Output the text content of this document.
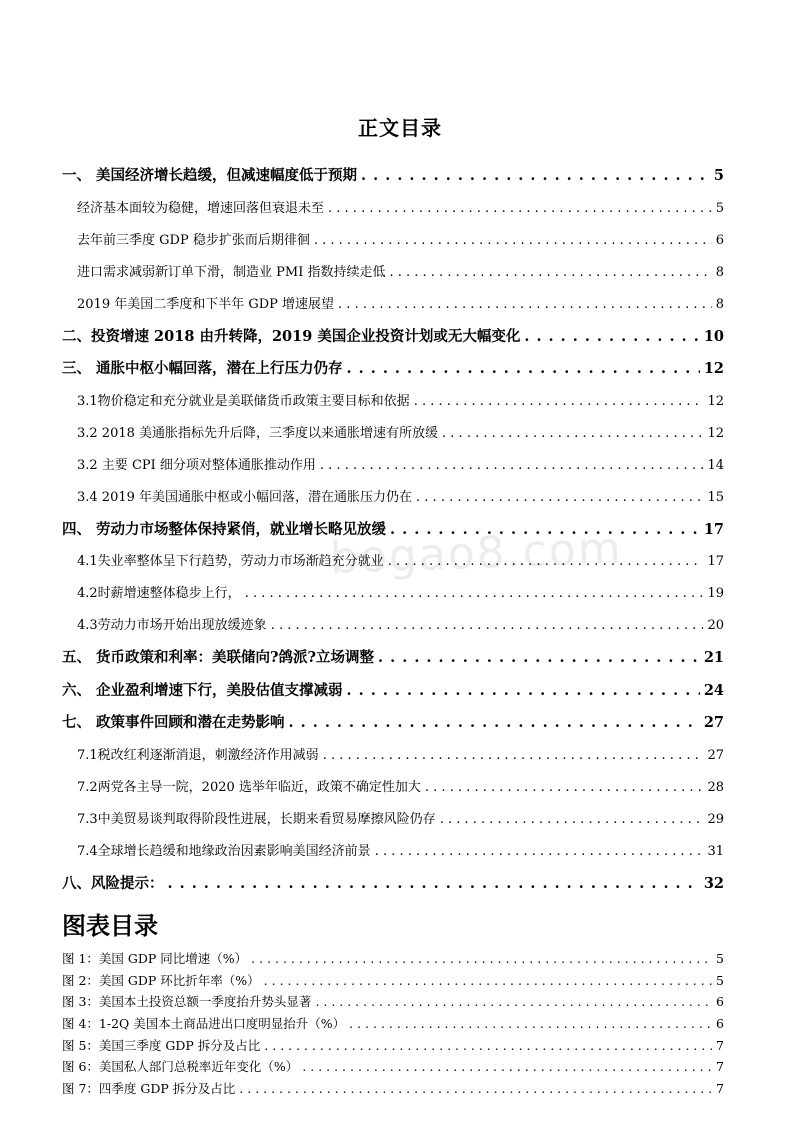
bogao8.com
正文目录
一、 美国经济增长趋缓，但减速幅度低于预期 . . .	5
经济基本面较为稳健，增速回落但衰退未至 . . .	5
去年前三季度 GDP 稳步扩张而后期徘徊 . . .	6
进口需求减弱新订单下滑，制造业 PMI 指数持续走低 . . .	8
2019 年美国二季度和下半年 GDP 增速展望 . . .	8
二、投资增速 2018 由升转降，2019 美国企业投资计划或无大幅变化 . . .	10
三、 通胀中枢小幅回落，潜在上行压力仍存 . . .	12
3.1物价稳定和充分就业是美联储货币政策主要目标和依据 . . .	12
3.2 2018 美通胀指标先升后降，三季度以来通胀增速有所放缓 . . .	12
3.2 主要 CPI 细分项对整体通胀推动作用 . . .	14
3.4 2019 年美国通胀中枢或小幅回落，潜在通胀压力仍在 . . .	15
四、 劳动力市场整体保持紧俏，就业增长略见放缓 . . .	17
4.1失业率整体呈下行趋势，劳动力市场渐趋充分就业 . . .	17
4.2时薪增速整体稳步上行， . . .	19
4.3劳动力市场开始出现放缓迹象 . . .	20
五、 货币政策和利率：美联储向?鸽派?立场调整 . . .	21
六、 企业盈利增速下行，美股估值支撑减弱 . . .	24
七、 政策事件回顾和潜在走势影响 . . .	27
7.1税改红利逐渐消退，刺激经济作用减弱 . . .	27
7.2两党各主导一院，2020 选举年临近，政策不确定性加大 . . .	28
7.3中美贸易谈判取得阶段性进展，长期来看贸易摩擦风险仍存 . . .	29
7.4全球增长趋缓和地缘政治因素影响美国经济前景 . . .	31
八、风险提示： . . .	32
图表目录
图 1：美国 GDP 同比增速（%） . . .	5
图 2：美国 GDP 环比折年率（%） . . .	5
图 3：美国本土投资总额一季度抬升势头显著 . . .	6
图 4：1-2Q 美国本土商品进出口度明显抬升（%） . . .	6
图 5：美国三季度 GDP 拆分及占比 . . .	7
图 6：美国私人部门总税率近年变化（%） . . .	7
图 7：四季度 GDP 拆分及占比 . . .	7
